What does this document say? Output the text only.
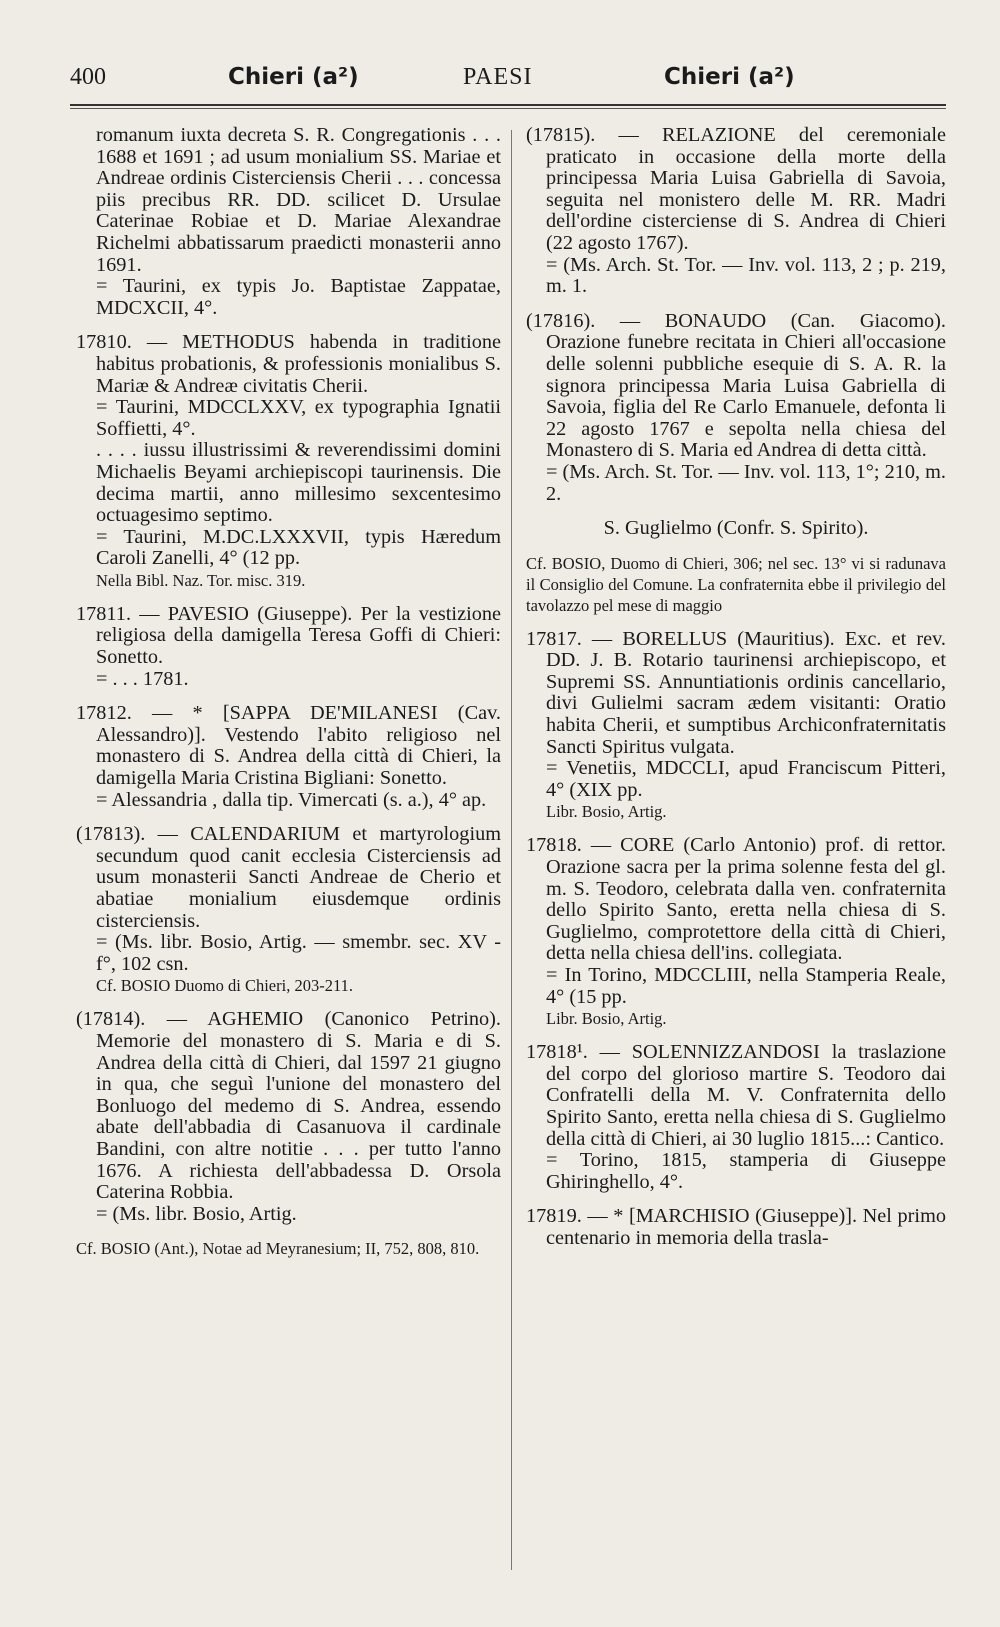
400	Chieri (a²)	PAESI	Chieri (a²)

romanum iuxta decreta S. R. Congregationis . . . 1688 et 1691 ; ad usum monialium SS. Mariae et Andreae ordinis Cisterciensis Cherii . . . concessa piis precibus RR. DD. scilicet D. Ursulae Caterinae Robiae et D. Mariae Alexandrae Richelmi abbatissarum praedicti monasterii anno 1691.

= Taurini, ex typis Jo. Baptistae Zappatae, MDCXCII, 4°.

17810. — METHODUS habenda in traditione habitus probationis, & professionis monialibus S. Mariæ & Andreæ civitatis Cherii.

= Taurini, MDCCLXXV, ex typographia Ignatii Soffietti, 4°.

. . . . iussu illustrissimi & reverendissimi domini Michaelis Beyami archiepiscopi taurinensis. Die decima martii, anno millesimo sexcentesimo octuagesimo septimo.

= Taurini, M.DC.LXXXVII, typis Hæredum Caroli Zanelli, 4° (12 pp.

Nella Bibl. Naz. Tor. misc. 319.

17811. — PAVESIO (Giuseppe). Per la vestizione religiosa della damigella Teresa Goffi di Chieri: Sonetto.

= . . . 1781.

17812. — * [SAPPA DE'MILANESI (Cav. Alessandro)]. Vestendo l'abito religioso nel monastero di S. Andrea della città di Chieri, la damigella Maria Cristina Bigliani: Sonetto.

= Alessandria , dalla tip. Vimercati (s. a.), 4° ap.

(17813). — CALENDARIUM et martyrologium secundum quod canit ecclesia Cisterciensis ad usum monasterii Sancti Andreae de Cherio et abatiae monialium eiusdemque ordinis cisterciensis.

= (Ms. libr. Bosio, Artig. — smembr. sec. XV - f°, 102 csn.

Cf. BOSIO Duomo di Chieri, 203-211.

(17814). — AGHEMIO (Canonico Petrino). Memorie del monastero di S. Maria e di S. Andrea della città di Chieri, dal 1597 21 giugno in qua, che seguì l'unione del monastero del Bonluogo del medemo di S. Andrea, essendo abate dell'abbadia di Casanuova il cardinale Bandini, con altre notitie . . . per tutto l'anno 1676. A richiesta dell'abbadessa D. Orsola Caterina Robbia.

= (Ms. libr. Bosio, Artig.

Cf. BOSIO (Ant.), Notae ad Meyranesium; II, 752, 808, 810.

(17815). — RELAZIONE del ceremoniale praticato in occasione della morte della principessa Maria Luisa Gabriella di Savoia, seguita nel monistero delle M. RR. Madri dell'ordine cisterciense di S. Andrea di Chieri (22 agosto 1767).

= (Ms. Arch. St. Tor. — Inv. vol. 113, 2 ; p. 219, m. 1.

(17816). — BONAUDO (Can. Giacomo). Orazione funebre recitata in Chieri all'occasione delle solenni pubbliche esequie di S. A. R. la signora principessa Maria Luisa Gabriella di Savoia, figlia del Re Carlo Emanuele, defonta li 22 agosto 1767 e sepolta nella chiesa del Monastero di S. Maria ed Andrea di detta città.

= (Ms. Arch. St. Tor. — Inv. vol. 113, 1°; 210, m. 2.

S. Guglielmo (Confr. S. Spirito).

Cf. BOSIO, Duomo di Chieri, 306; nel sec. 13° vi si radunava il Consiglio del Comune. La confraternita ebbe il privilegio del tavolazzo pel mese di maggio

17817. — BORELLUS (Mauritius). Exc. et rev. DD. J. B. Rotario taurinensi archiepiscopo, et Supremi SS. Annuntiationis ordinis cancellario, divi Gulielmi sacram ædem visitanti: Oratio habita Cherii, et sumptibus Archiconfraternitatis Sancti Spiritus vulgata.

= Venetiis, MDCCLI, apud Franciscum Pitteri, 4° (XIX pp.

Libr. Bosio, Artig.

17818. — CORE (Carlo Antonio) prof. di rettor. Orazione sacra per la prima solenne festa del gl. m. S. Teodoro, celebrata dalla ven. confraternita dello Spirito Santo, eretta nella chiesa di S. Guglielmo, comprotettore della città di Chieri, detta nella chiesa dell'ins. collegiata.

= In Torino, MDCCLIII, nella Stamperia Reale, 4° (15 pp.

Libr. Bosio, Artig.

17818¹. — SOLENNIZZANDOSI la traslazione del corpo del glorioso martire S. Teodoro dai Confratelli della M. V. Confraternita dello Spirito Santo, eretta nella chiesa di S. Guglielmo della città di Chieri, ai 30 luglio 1815...: Cantico.

= Torino, 1815, stamperia di Giuseppe Ghiringhello, 4°.

17819. — * [MARCHISIO (Giuseppe)]. Nel primo centenario in memoria della trasla-
